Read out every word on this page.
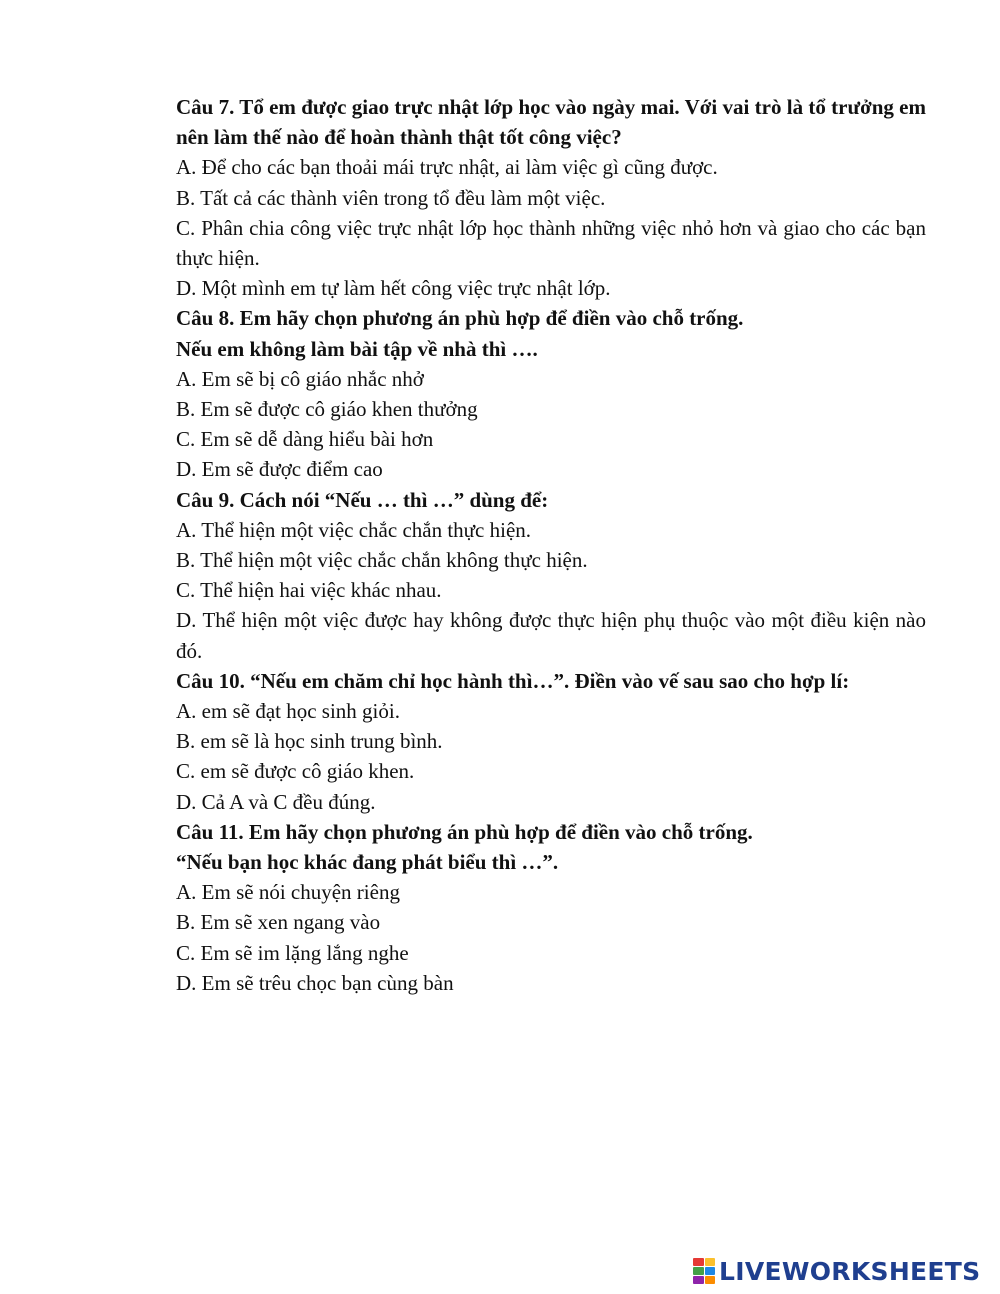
Câu 7. Tổ em được giao trực nhật lớp học vào ngày mai. Với vai trò là tổ trưởng em nên làm thế nào để hoàn thành thật tốt công việc?

A. Để cho các bạn thoải mái trực nhật, ai làm việc gì cũng được.

B. Tất cả các thành viên trong tổ đều làm một việc.

C. Phân chia công việc trực nhật lớp học thành những việc nhỏ hơn và giao cho các bạn thực hiện.

D. Một mình em tự làm hết công việc trực nhật lớp.

Câu 8. Em hãy chọn phương án phù hợp để điền vào chỗ trống.

Nếu em không làm bài tập về nhà thì ….

A. Em sẽ bị cô giáo nhắc nhở

B. Em sẽ được cô giáo khen thưởng

C. Em sẽ dễ dàng hiểu bài hơn

D. Em sẽ được điểm cao

Câu 9. Cách nói “Nếu … thì …” dùng để:

A. Thể hiện một việc chắc chắn thực hiện.

B. Thể hiện một việc chắc chắn không thực hiện.

C. Thể hiện hai việc khác nhau.

D. Thể hiện một việc được hay không được thực hiện phụ thuộc vào một điều kiện nào đó.

Câu 10. “Nếu em chăm chỉ học hành thì…”. Điền vào vế sau sao cho hợp lí:

A. em sẽ đạt học sinh giỏi.

B. em sẽ là học sinh trung bình.

C. em sẽ được cô giáo khen.

D. Cả A và C đều đúng.

Câu 11. Em hãy chọn phương án phù hợp để điền vào chỗ trống.

“Nếu bạn học khác đang phát biểu thì …”.

A. Em sẽ nói chuyện riêng

B. Em sẽ xen ngang vào

C. Em sẽ im lặng lắng nghe

D. Em sẽ trêu chọc bạn cùng bàn

LIVEWORKSHEETS
